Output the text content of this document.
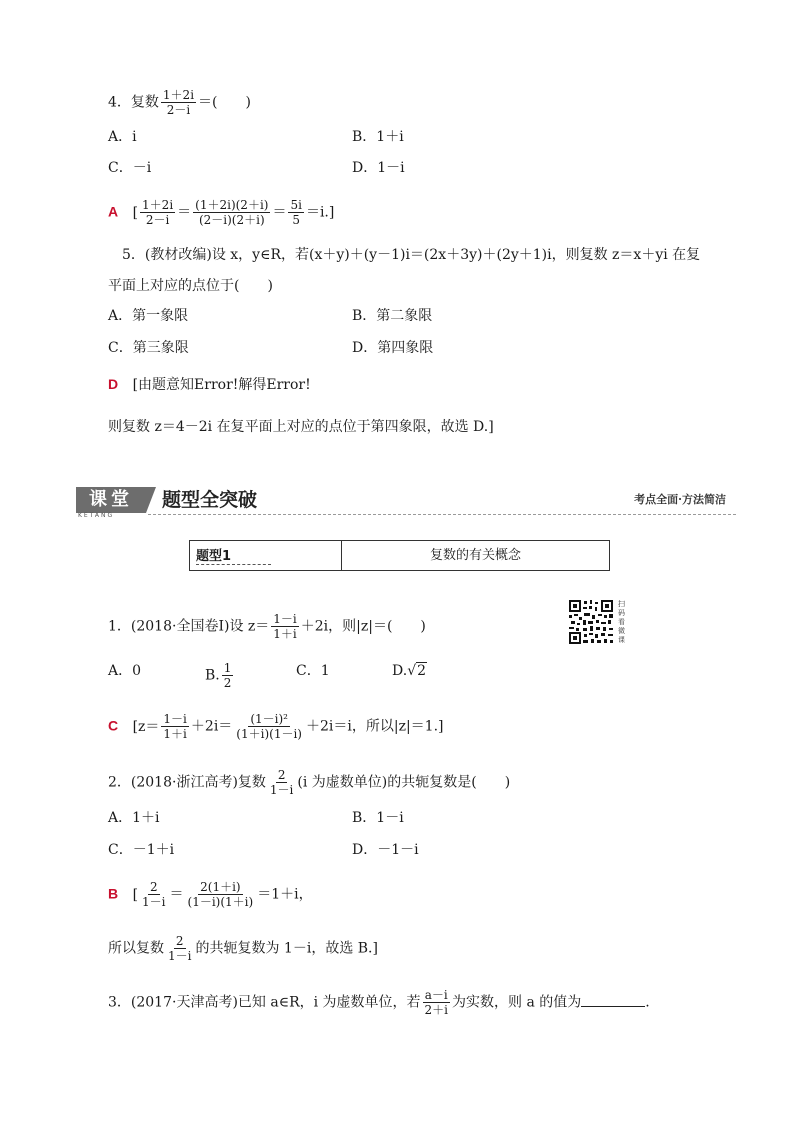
4．复数 $\frac{1+2i}{2-i}$ ＝(　　)
A．i	B．1＋i
C．－i	D．1－i
A [ $\frac{1+2i}{2-i} = \frac{(1+2i)(2+i)}{(2-i)(2+i)} = \frac{5i}{5} =i$.]
5．(教材改编)设 x，y∈R，若(x＋y)＋(y－1)i＝(2x＋3y)＋(2y＋1)i，则复数 z＝x＋yi 在复
平面上对应的点位于(　　)
A．第一象限	B．第二象限
C．第三象限	D．第四象限
D [由题意知Error!解得Error!
则复数 z＝4－2i 在复平面上对应的点位于第四象限，故选 D.]
课堂
KETANG
题型全突破	考点全面·方法简洁
题型1	复数的有关概念
扫码看微课
1．(2018·全国卷Ⅰ)设 $z= \frac{1-i}{1+i} +2i$，则|z|＝(　　)
A．0	B. $\frac{1}{2}$	C．1	D.√2
C [$z= \frac{1-i}{1+i} +2i= \frac{\text{(1－i)²}}{(1+i)(1-i)} +2i=i$，所以|z|＝1.]
2．(2018·浙江高考)复数 $\frac{2}{1-i} (i$ 为虚数单位)的共轭复数是(　　)
A．1＋i	B．1－i
C．－1＋i	D．－1－i
B [ $\frac{2}{1-i} = \frac{2(1+i)}{(1-i)(1+i)} =1+i$，
所以复数 $\frac{2}{1-i}$ 的共轭复数为 1－i，故选 B.]
3．(2017·天津高考)已知 a∈R，i 为虚数单位，若 $\frac{a-i}{2+i}$ 为实数，则 a 的值为	.
